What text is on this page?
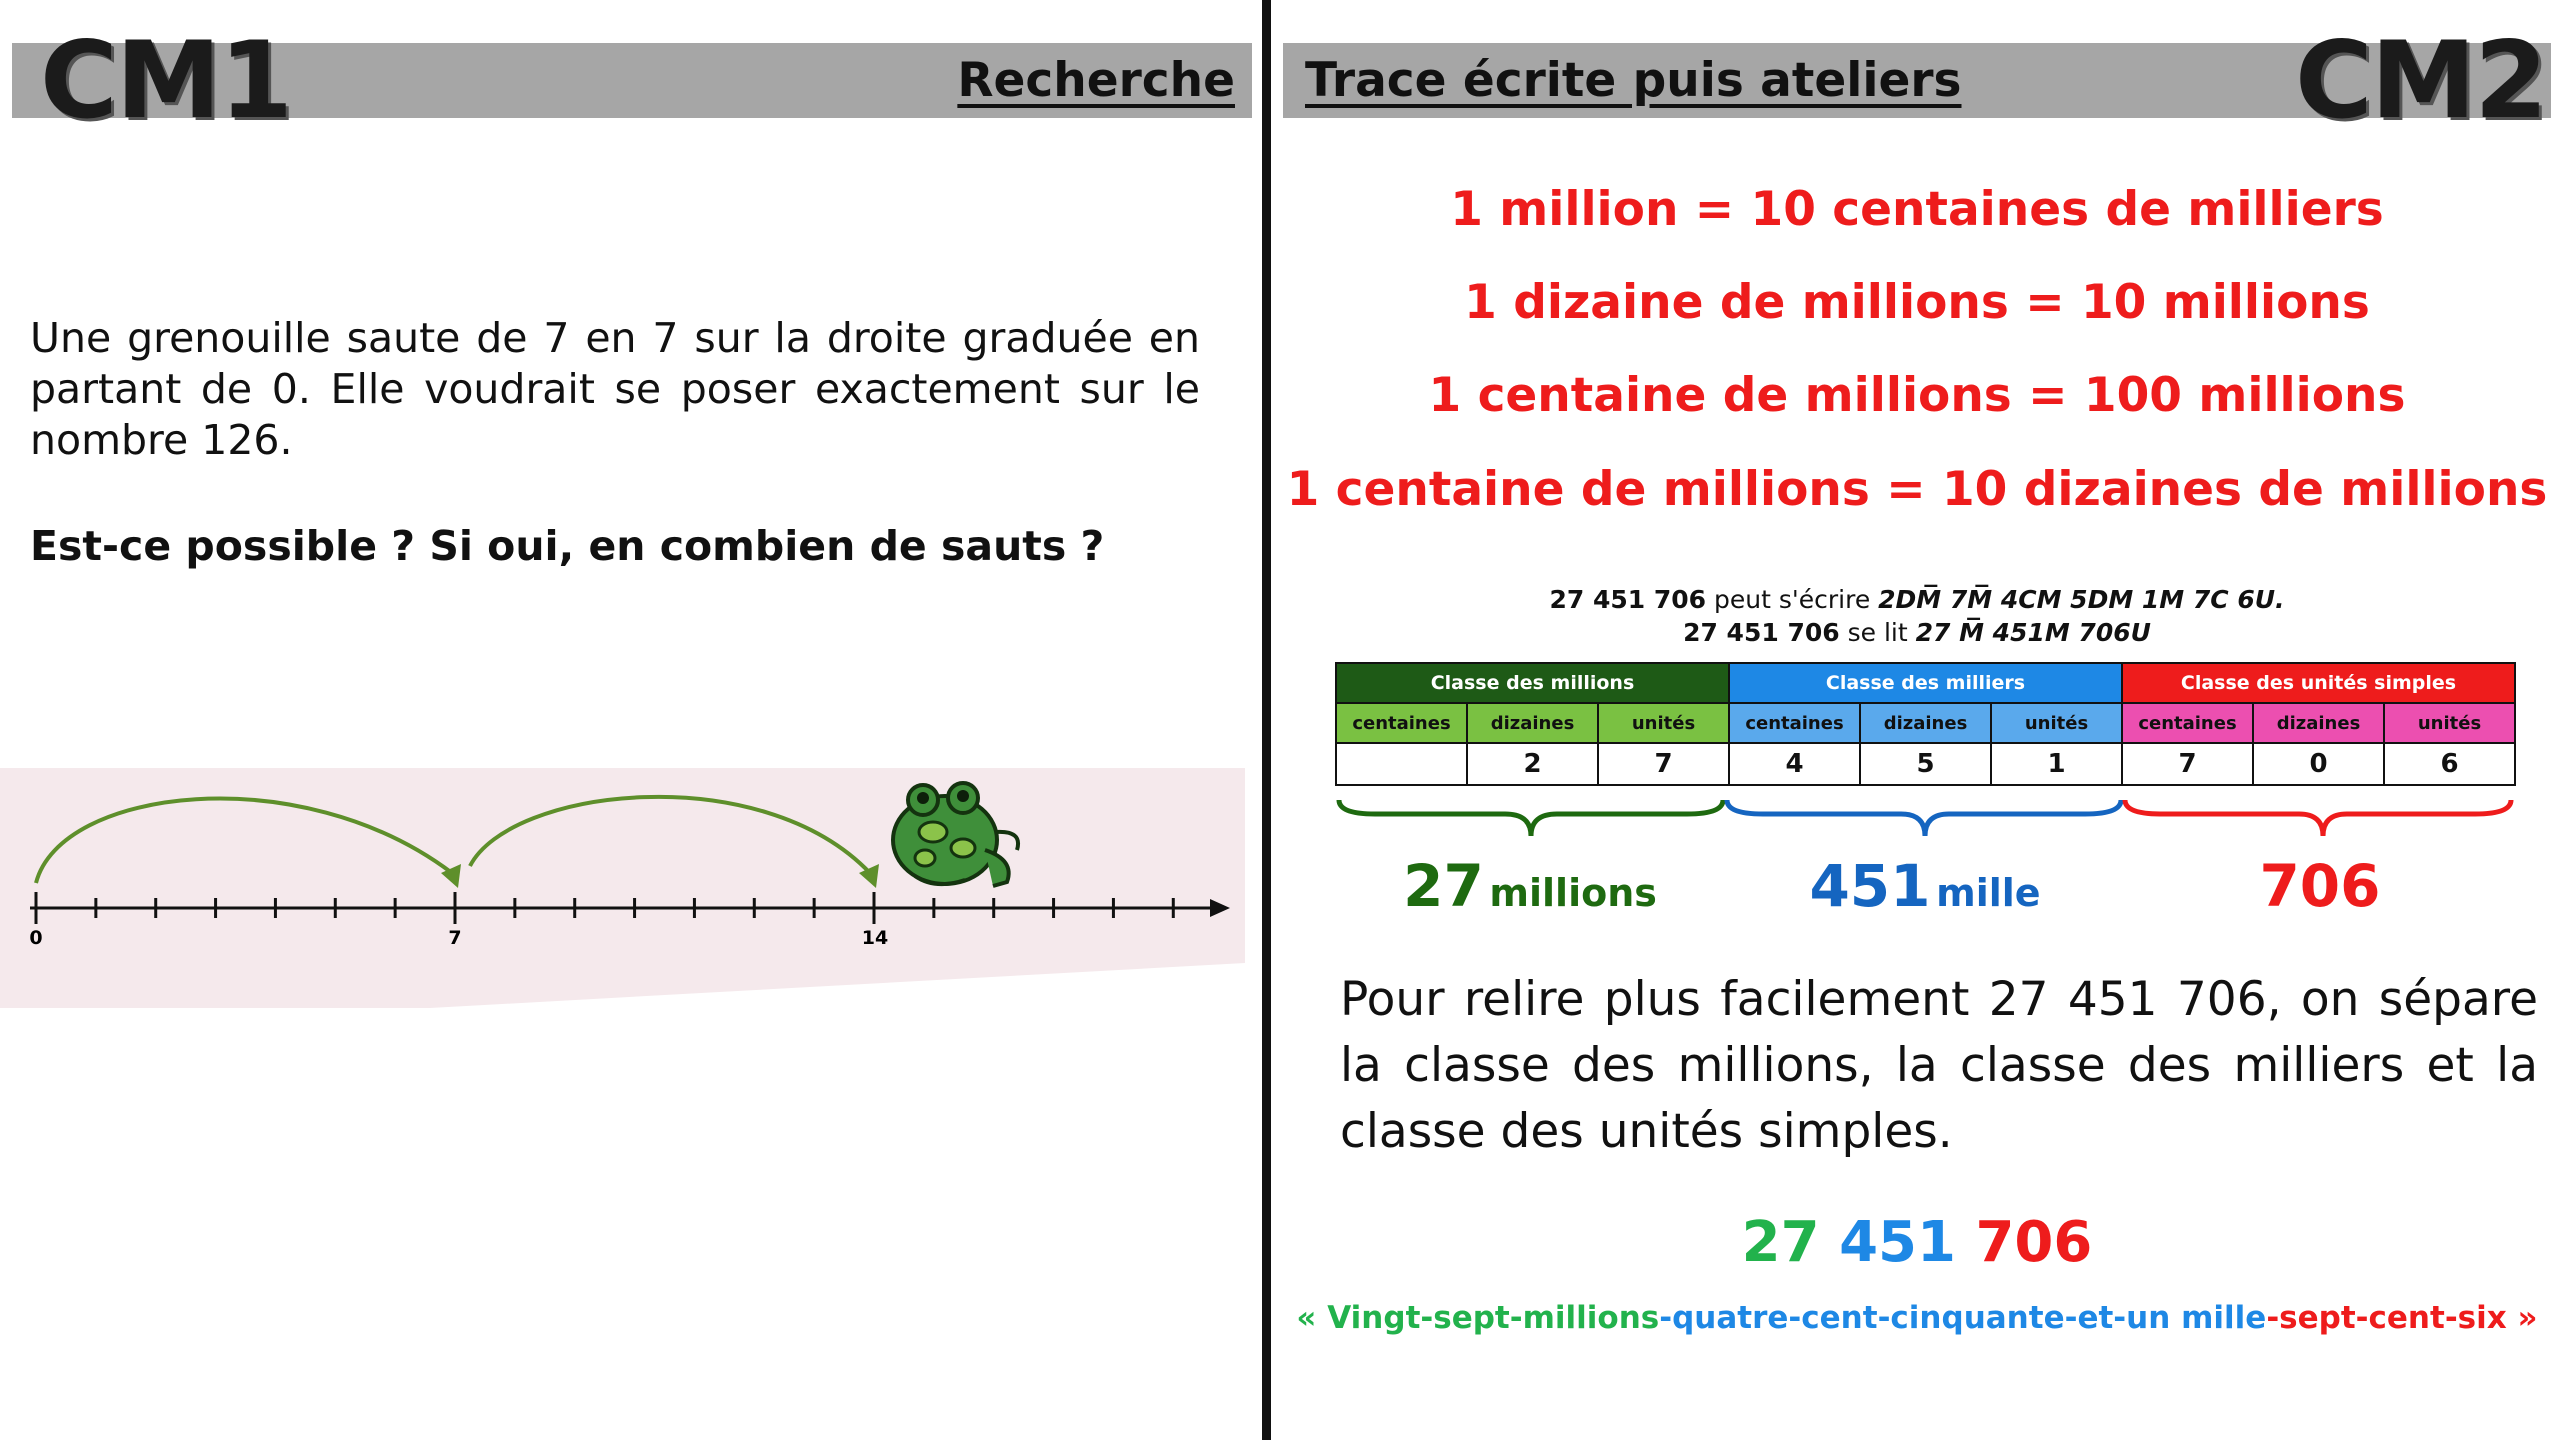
CM1	Recherche Trace écrite puis ateliers	CM2
Une grenouille saute de 7 en 7 sur la droite graduée en partant de 0. Elle voudrait se poser exactement sur le nombre 126.
Est-ce possible ? Si oui, en combien de sauts ?
0	7	14
1 million = 10 centaines de milliers
1 dizaine de millions = 10 millions
1 centaine de millions = 100 millions
1 centaine de millions = 10 dizaines de millions
27 451 706 peut s'écrire 2DM̅ 7M̅ 4CM 5DM 1M 7C 6U.
27 451 706 se lit 27 M̅ 451M 706U
Classe des millions			Classe des milliers			Classe des unités simples		
centaines	dizaines	unités	centaines	dizaines	unités	centaines	dizaines	unités
	2	7	4	5	1	7	0	6
27 millions	451 mille	706
Pour relire plus facilement 27 451 706, on sépare la classe des millions, la classe des milliers et la classe des unités simples.
27 451 706
« Vingt-sept-millions-quatre-cent-cinquante-et-un mille-sept-cent-six »
